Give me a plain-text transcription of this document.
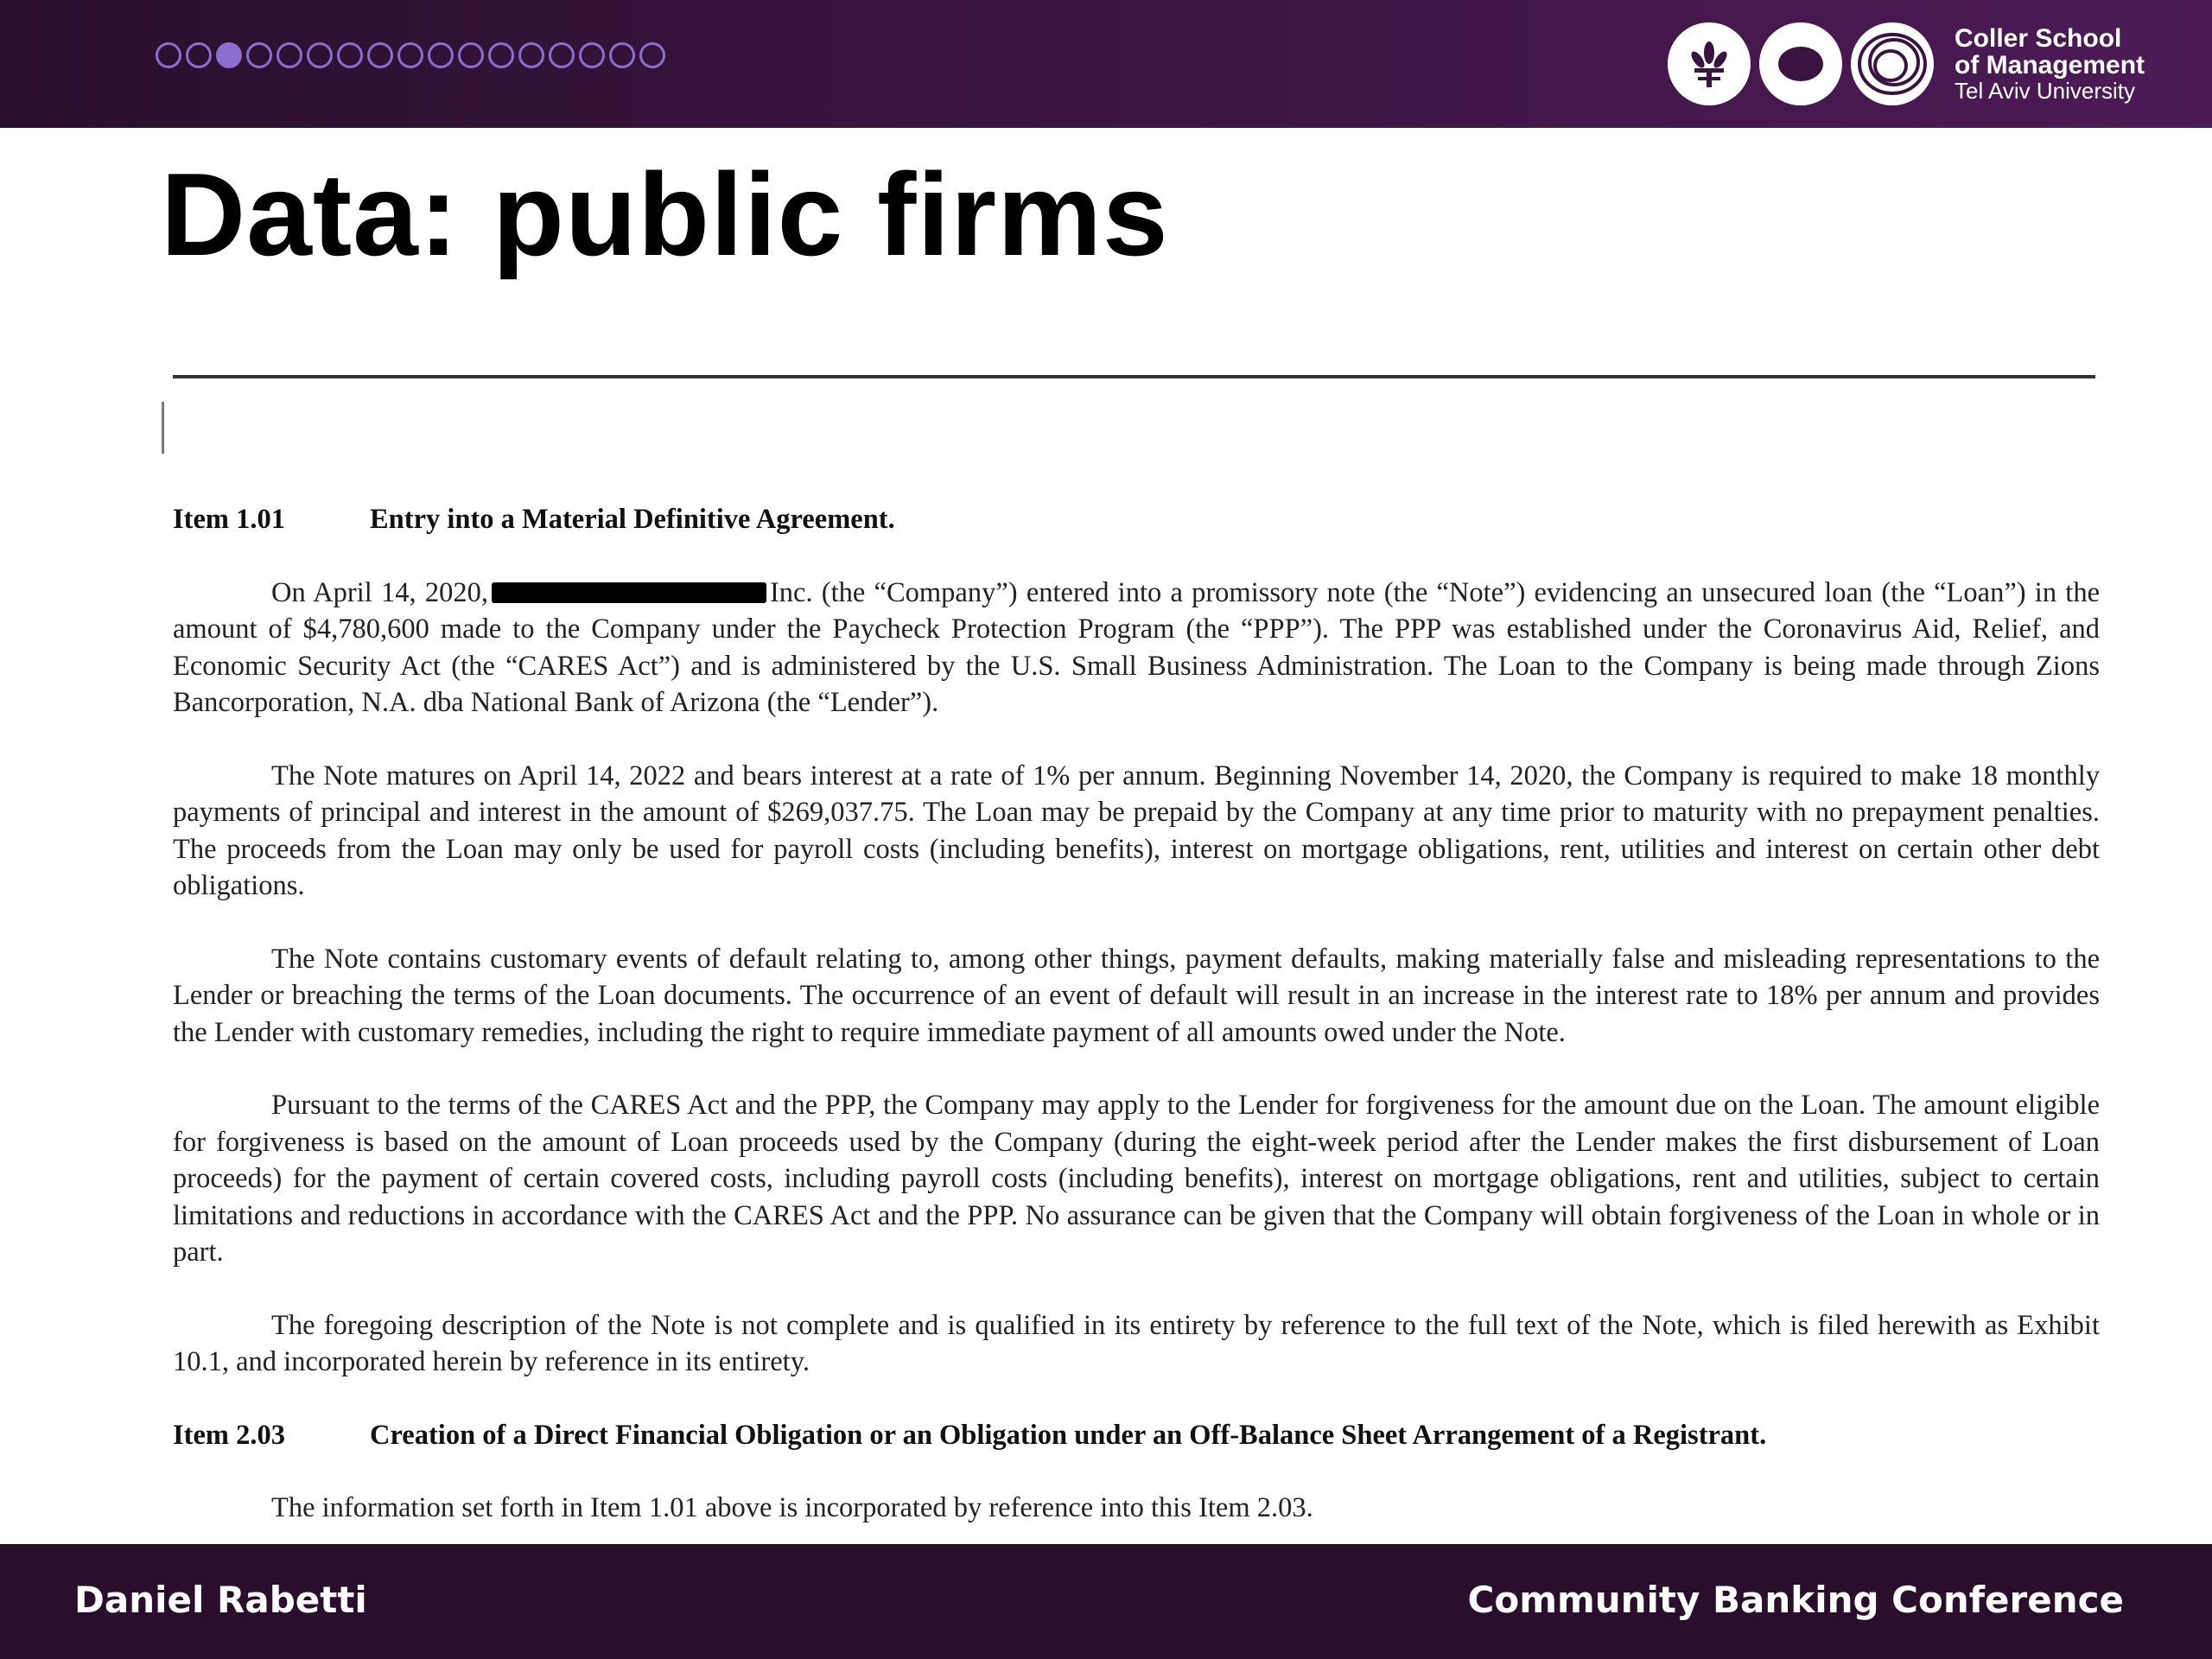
Coller School
of Management
Tel Aviv University
Data: public firms
Item 1.01	Entry into a Material Definitive Agreement.

On April 14, 2020,	Inc. (the “Company”) entered into a promissory note (the “Note”) evidencing an unsecured loan (the “Loan”) in the amount of $4,780,600 made to the Company under the Paycheck Protection Program (the “PPP”). The PPP was established under the Coronavirus Aid, Relief, and Economic Security Act (the “CARES Act”) and is administered by the U.S. Small Business Administration. The Loan to the Company is being made through Zions Bancorporation, N.A. dba National Bank of Arizona (the “Lender”).

The Note matures on April 14, 2022 and bears interest at a rate of 1% per annum. Beginning November 14, 2020, the Company is required to make 18 monthly payments of principal and interest in the amount of $269,037.75. The Loan may be prepaid by the Company at any time prior to maturity with no prepayment penalties. The proceeds from the Loan may only be used for payroll costs (including benefits), interest on mortgage obligations, rent, utilities and interest on certain other debt obligations.

The Note contains customary events of default relating to, among other things, payment defaults, making materially false and misleading representations to the Lender or breaching the terms of the Loan documents. The occurrence of an event of default will result in an increase in the interest rate to 18% per annum and provides the Lender with customary remedies, including the right to require immediate payment of all amounts owed under the Note.

Pursuant to the terms of the CARES Act and the PPP, the Company may apply to the Lender for forgiveness for the amount due on the Loan. The amount eligible for forgiveness is based on the amount of Loan proceeds used by the Company (during the eight-week period after the Lender makes the first disbursement of Loan proceeds) for the payment of certain covered costs, including payroll costs (including benefits), interest on mortgage obligations, rent and utilities, subject to certain limitations and reductions in accordance with the CARES Act and the PPP. No assurance can be given that the Company will obtain forgiveness of the Loan in whole or in part.

The foregoing description of the Note is not complete and is qualified in its entirety by reference to the full text of the Note, which is filed herewith as Exhibit 10.1, and incorporated herein by reference in its entirety.

Item 2.03	Creation of a Direct Financial Obligation or an Obligation under an Off-Balance Sheet Arrangement of a Registrant.

The information set forth in Item 1.01 above is incorporated by reference into this Item 2.03.

Daniel Rabetti	Community Banking Conference
